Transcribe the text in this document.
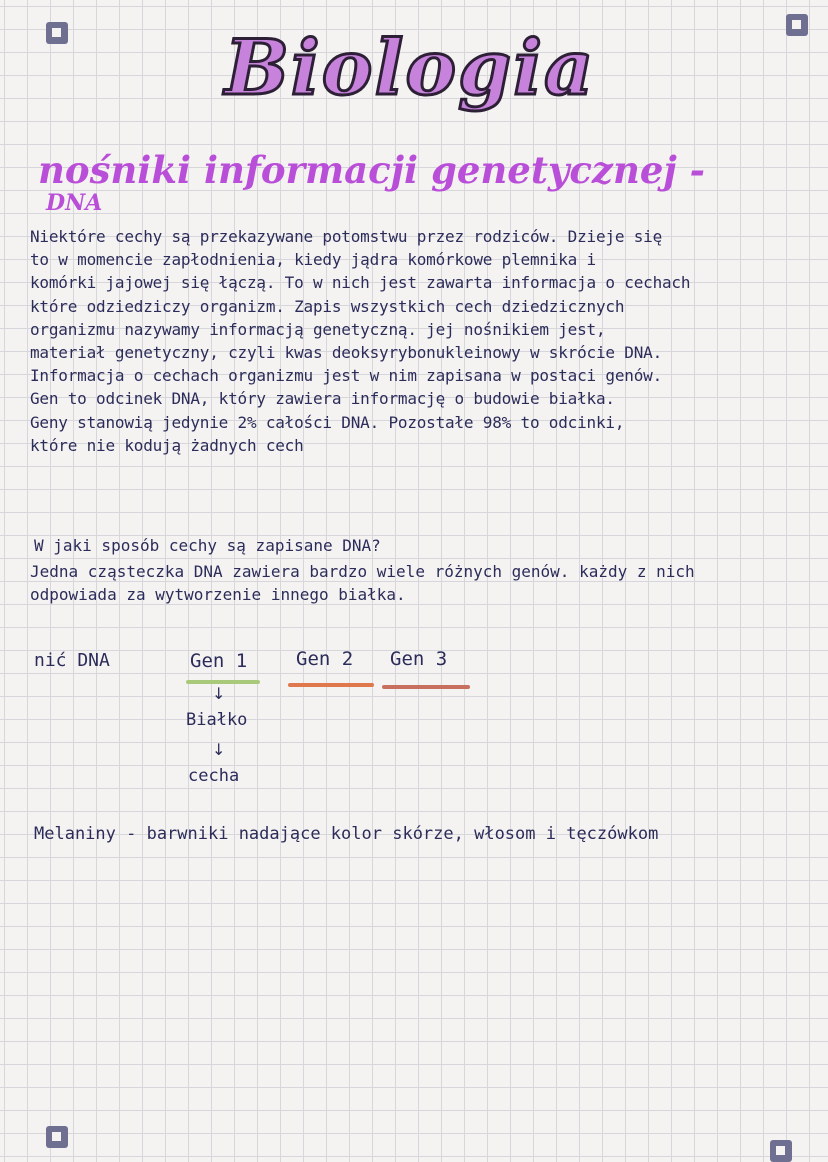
Biologia
nośniki informacji genetycznej -
DNA
Niektóre cechy są przekazywane potomstwu przez rodziców. Dzieje się
to w momencie zapłodnienia, kiedy jądra komórkowe plemnika i
komórki jajowej się łączą. To w nich jest zawarta informacja o cechach
które odziedziczy organizm. Zapis wszystkich cech dziedzicznych
organizmu nazywamy informacją genetyczną. jej nośnikiem jest,
materiał genetyczny, czyli kwas deoksyrybonukleinowy w skrócie DNA.
Informacja o cechach organizmu jest w nim zapisana w postaci genów.
Gen to odcinek DNA, który zawiera informację o budowie białka.
Geny stanowią jedynie 2% całości DNA. Pozostałe 98% to odcinki,
które nie kodują żadnych cech
W jaki sposób cechy są zapisane DNA?
Jedna cząsteczka DNA zawiera bardzo wiele różnych genów. każdy z nich
odpowiada za wytworzenie innego białka.
nić DNA	Gen 1	Gen 2 Gen 3
↓
Białko
↓
cecha
Melaniny - barwniki nadające kolor skórze, włosom i tęczówkom
